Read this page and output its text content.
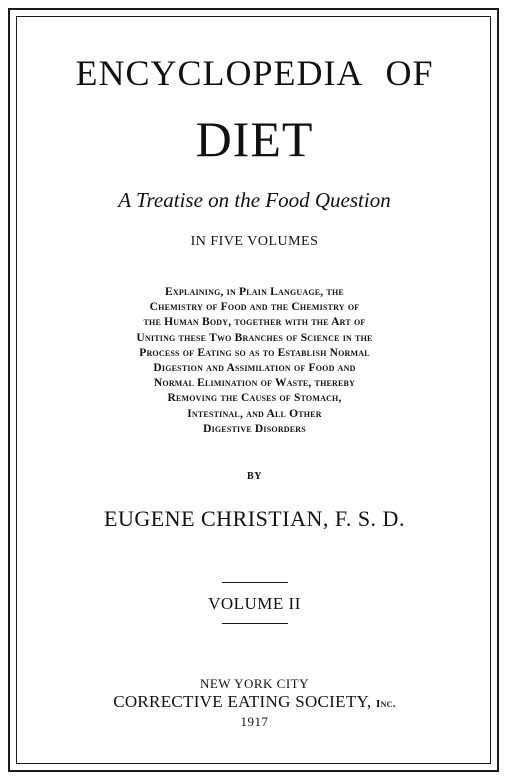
ENCYCLOPEDIA OF
DIET
A Treatise on the Food Question
IN FIVE VOLUMES
Explaining, in Plain Language, the
Chemistry of Food and the Chemistry of
the Human Body, together with the Art of
Uniting these Two Branches of Science in the
Process of Eating so as to Establish Normal
Digestion and Assimilation of Food and
Normal Elimination of Waste, thereby
Removing the Causes of Stomach,
Intestinal, and All Other
Digestive Disorders
BY
EUGENE CHRISTIAN, F. S. D.
VOLUME II
NEW YORK CITY
CORRECTIVE EATING SOCIETY, Inc.
1917
